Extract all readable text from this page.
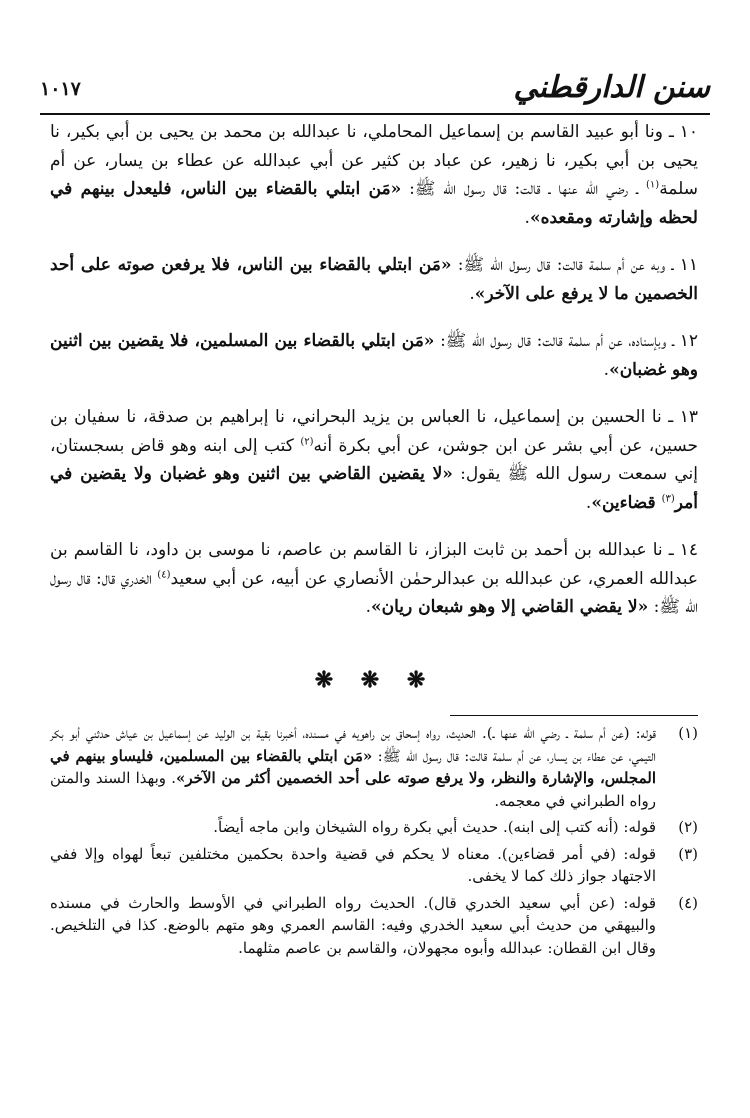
سنن الدارقطني
١٠١٧

١٠ ـ ونا أبو عبيد القاسم بن إسماعيل المحاملي، نا عبدالله بن محمد بن يحيى بن أبي بكير، نا يحيى بن أبي بكير، نا زهير، عن عباد بن كثير عن أبي عبدالله عن عطاء بن يسار، عن أم سلمة$^{(١)}$ ـ رضي الله عنها ـ قالت: قال رسول الله ﷺ: «مَن ابتلي بالقضاء بين الناس، فليعدل بينهم في لحظه وإشارته ومقعده».

١١ ـ وبه عن أم سلمة قالت: قال رسول الله ﷺ: «مَن ابتلي بالقضاء بين الناس، فلا يرفعن صوته على أحد الخصمين ما لا يرفع على الآخر».

١٢ ـ وبإسناده، عن أم سلمة قالت: قال رسول الله ﷺ: «مَن ابتلي بالقضاء بين المسلمين، فلا يقضين بين اثنين وهو غضبان».

١٣ ـ نا الحسين بن إسماعيل، نا العباس بن يزيد البحراني، نا إبراهيم بن صدقة، نا سفيان بن حسين، عن أبي بشر عن ابن جوشن، عن أبي بكرة أنه$^{(٢)}$ كتب إلى ابنه وهو قاض بسجستان، إني سمعت رسول الله ﷺ يقول: «لا يقضين القاضي بين اثنين وهو غضبان ولا يقضين في أمر$^{(٣)}$ قضاءين».

١٤ ـ نا عبدالله بن أحمد بن ثابت البزاز، نا القاسم بن عاصم، نا موسى بن داود، نا القاسم بن عبدالله العمري، عن عبدالله بن عبدالرحمٰن الأنصاري عن أبيه، عن أبي سعيد$^{(٤)}$ الخدري قال: قال رسول الله ﷺ: «لا يقضي القاضي إلا وهو شبعان ريان».

❋ ❋ ❋
(١)
قوله: (عن أم سلمة ـ رضي الله عنها ـ). الحديث، رواه إسحاق بن راهويه في مسنده، أخبرنا بقية بن الوليد عن إسماعيل بن عياش حدثني أبو بكر التيمي، عن عطاء بن يسار، عن أم سلمة قالت: قال رسول الله ﷺ: «مَن ابتلي بالقضاء بين المسلمين، فليساو بينهم في المجلس، والإشارة والنظر، ولا يرفع صوته على أحد الخصمين أكثر من الآخر». وبهذا السند والمتن رواه الطبراني في معجمه.
(٢)
قوله: (أنه كتب إلى ابنه). حديث أبي بكرة رواه الشيخان وابن ماجه أيضاً.
(٣)
قوله: (في أمر قضاءين). معناه لا يحكم في قضية واحدة بحكمين مختلفين تبعاً لهواه وإلا ففي الاجتهاد جواز ذلك كما لا يخفى.
(٤)
قوله: (عن أبي سعيد الخدري قال). الحديث رواه الطبراني في الأوسط والحارث في مسنده والبيهقي من حديث أبي سعيد الخدري وفيه: القاسم العمري وهو متهم بالوضع. كذا في التلخيص. وقال ابن القطان: عبدالله وأبوه مجهولان، والقاسم بن عاصم مثلهما.
